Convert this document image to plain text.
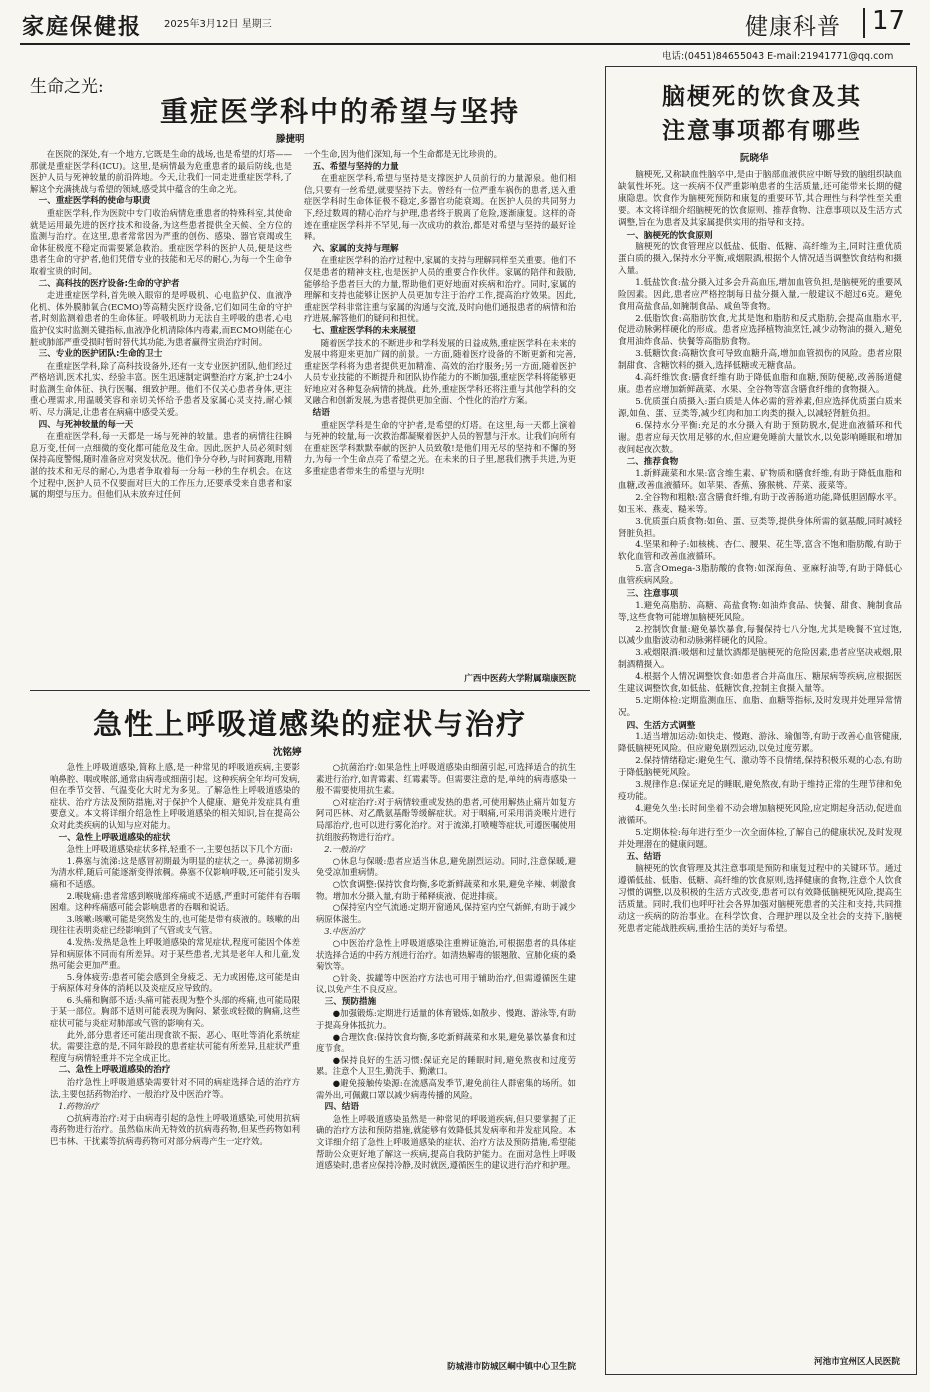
家庭保健报 2025年3月12日 星期三	健康科普 17
电话:(0451)84655043 E-mail:21941771@qq.com
生命之光:
重症医学科中的希望与坚持
滕捷明

在医院的深处,有一个地方,它既是生命的战场,也是希望的灯塔——那就是重症医学科(ICU)。这里,是病情最为危重患者的最后防线,也是医护人员与死神较量的前沿阵地。今天,让我们一同走进重症医学科,了解这个充满挑战与希望的领域,感受其中蕴含的生命之光。

一、重症医学科的使命与职责

重症医学科,作为医院中专门收治病情危重患者的特殊科室,其使命就是运用最先进的医疗技术和设备,为这些患者提供全天候、全方位的监测与治疗。在这里,患者常常因为严重的创伤、感染、器官衰竭或生命体征极度不稳定而需要紧急救治。重症医学科的医护人员,便是这些患者生命的守护者,他们凭借专业的技能和无尽的耐心,为每一个生命争取着宝贵的时间。

二、高科技的医疗设备:生命的守护者

走进重症医学科,首先映入眼帘的是呼吸机、心电监护仪、血液净化机、体外膜肺氧合(ECMO)等高精尖医疗设备,它们如同生命的守护者,时刻监测着患者的生命体征。呼吸机助力无法自主呼吸的患者,心电监护仪实时监测关键指标,血液净化机清除体内毒素,而ECMO则能在心脏或肺部严重受损时暂时替代其功能,为患者赢得宝贵治疗时间。

三、专业的医护团队:生命的卫士

在重症医学科,除了高科技设备外,还有一支专业医护团队,他们经过严格培训,医术扎实、经验丰富。医生迅速制定调整治疗方案,护士24小时监测生命体征、执行医嘱、细致护理。他们不仅关心患者身体,更注重心理需求,用温暖笑容和亲切关怀给予患者及家属心灵支持,耐心倾听、尽力满足,让患者在病痛中感受关爱。

四、与死神较量的每一天

在重症医学科,每一天都是一场与死神的较量。患者的病情往往瞬息万变,任何一点细微的变化都可能危及生命。因此,医护人员必须时刻保持高度警惕,随时准备应对突发状况。他们争分夺秒,与时间赛跑,用精湛的技术和无尽的耐心,为患者争取着每一分每一秒的生存机会。在这个过程中,医护人员不仅要面对巨大的工作压力,还要承受来自患者和家属的期望与压力。但他们从未放弃过任何

一个生命,因为他们深知,每一个生命都是无比珍贵的。

五、希望与坚持的力量

在重症医学科,希望与坚持是支撑医护人员前行的力量源泉。他们相信,只要有一丝希望,就要坚持下去。曾经有一位严重车祸伤的患者,送入重症医学科时生命体征极不稳定,多器官功能衰竭。在医护人员的共同努力下,经过数周的精心治疗与护理,患者终于脱离了危险,逐渐康复。这样的奇迹在重症医学科并不罕见,每一次成功的救治,都是对希望与坚持的最好诠释。

六、家属的支持与理解

在重症医学科的治疗过程中,家属的支持与理解同样至关重要。他们不仅是患者的精神支柱,也是医护人员的重要合作伙伴。家属的陪伴和鼓励,能够给予患者巨大的力量,帮助他们更好地面对疾病和治疗。同时,家属的理解和支持也能够让医护人员更加专注于治疗工作,提高治疗效果。因此,重症医学科非常注重与家属的沟通与交流,及时向他们通报患者的病情和治疗进展,解答他们的疑问和担忧。

七、重症医学科的未来展望

随着医学技术的不断进步和学科发展的日益成熟,重症医学科在未来的发展中将迎来更加广阔的前景。一方面,随着医疗设备的不断更新和完善,重症医学科将为患者提供更加精准、高效的治疗服务;另一方面,随着医护人员专业技能的不断提升和团队协作能力的不断加强,重症医学科将能够更好地应对各种复杂病情的挑战。此外,重症医学科还将注重与其他学科的交叉融合和创新发展,为患者提供更加全面、个性化的治疗方案。

结语

重症医学科是生命的守护者,是希望的灯塔。在这里,每一天都上演着与死神的较量,每一次救治都凝聚着医护人员的智慧与汗水。让我们向所有在重症医学科默默奉献的医护人员致敬!是他们用无尽的坚持和不懈的努力,为每一个生命点亮了希望之光。在未来的日子里,愿我们携手共进,为更多重症患者带来生的希望与光明!

广西中医药大学附属瑞康医院
急性上呼吸道感染的症状与治疗
沈铭婷

急性上呼吸道感染,简称上感,是一种常见的呼吸道疾病,主要影响鼻腔、咽或喉部,通常由病毒或细菌引起。这种疾病全年均可发病,但在季节交替、气温变化大时尤为多见。了解急性上呼吸道感染的症状、治疗方法及预防措施,对于保护个人健康、避免并发症具有重要意义。本文将详细介绍急性上呼吸道感染的相关知识,旨在提高公众对此类疾病的认知与应对能力。

一、急性上呼吸道感染的症状

急性上呼吸道感染症状多样,轻重不一,主要包括以下几个方面:

1.鼻塞与流涕:这是感冒初期最为明显的症状之一。鼻涕初期多为清水样,随后可能逐渐变得浓稠。鼻塞不仅影响呼吸,还可能引发头痛和不适感。

2.喉咙痛:患者常感到喉咙部疼痛或不适感,严重时可能伴有吞咽困难。这种疼痛感可能会影响患者的吞咽和说话。

3.咳嗽:咳嗽可能是突然发生的,也可能是带有痰液的。咳嗽的出现往往表明炎症已经影响到了气管或支气管。

4.发热:发热是急性上呼吸道感染的常见症状,程度可能因个体差异和病原体不同而有所差异。对于某些患者,尤其是老年人和儿童,发热可能会更加严重。

5.身体疲劳:患者可能会感到全身疲乏、无力或困倦,这可能是由于病原体对身体的消耗以及炎症反应导致的。

6.头痛和胸部不适:头痛可能表现为整个头部的疼痛,也可能局限于某一部位。胸部不适则可能表现为胸闷、紧张或轻微的胸痛,这些症状可能与炎症对肺部或气管的影响有关。

此外,部分患者还可能出现食欲不振、恶心、呕吐等消化系统症状。需要注意的是,不同年龄段的患者症状可能有所差异,且症状严重程度与病情轻重并不完全成正比。

二、急性上呼吸道感染的治疗

治疗急性上呼吸道感染需要针对不同的病症选择合适的治疗方法,主要包括药物治疗、一般治疗及中医治疗等。

1.药物治疗

○抗病毒治疗:对于由病毒引起的急性上呼吸道感染,可使用抗病毒药物进行治疗。虽然临床尚无特效的抗病毒药物,但某些药物如利巴韦林、干扰素等抗病毒药物可对部分病毒产生一定疗效。

○抗菌治疗:如果急性上呼吸道感染由细菌引起,可选择适合的抗生素进行治疗,如青霉素、红霉素等。但需要注意的是,单纯的病毒感染一般不需要使用抗生素。

○对症治疗:对于病情较重或发热的患者,可使用解热止痛片如复方阿司匹林、对乙酰氨基酚等缓解症状。对于咽痛,可采用消炎喉片进行局部治疗,也可以进行雾化治疗。对于流涕,打喷嚏等症状,可遵医嘱使用抗组胺药物进行治疗。

2.一般治疗

○休息与保暖:患者应适当休息,避免剧烈运动。同时,注意保暖,避免受凉加重病情。

○饮食调整:保持饮食均衡,多吃新鲜蔬菜和水果,避免辛辣、刺激食物。增加水分摄入量,有助于稀释痰液、促进排痰。

○保持室内空气流通:定期开窗通风,保持室内空气新鲜,有助于减少病原体滋生。

3.中医治疗

○中医治疗急性上呼吸道感染注重辨证施治,可根据患者的具体症状选择合适的中药方剂进行治疗。如清热解毒的银翘散、宣肺化痰的桑菊饮等。

○针灸、拔罐等中医治疗方法也可用于辅助治疗,但需遵循医生建议,以免产生不良反应。

三、预防措施

●加强锻炼:定期进行适量的体育锻炼,如散步、慢跑、游泳等,有助于提高身体抵抗力。

●合理饮食:保持饮食均衡,多吃新鲜蔬菜和水果,避免暴饮暴食和过度节食。

●保持良好的生活习惯:保证充足的睡眠时间,避免熬夜和过度劳累。注意个人卫生,勤洗手、勤漱口。

●避免接触传染源:在流感高发季节,避免前往人群密集的场所。如需外出,可佩戴口罩以减少病毒传播的风险。

四、结语

急性上呼吸道感染虽然是一种常见的呼吸道疾病,但只要掌握了正确的治疗方法和预防措施,就能够有效降低其发病率和并发症风险。本文详细介绍了急性上呼吸道感染的症状、治疗方法及预防措施,希望能帮助公众更好地了解这一疾病,提高自我防护能力。在面对急性上呼吸道感染时,患者应保持冷静,及时就医,遵循医生的建议进行治疗和护理。

防城港市防城区峒中镇中心卫生院
脑梗死的饮食及其
注意事项都有哪些
阮晓华

脑梗死,又称缺血性脑卒中,是由于脑部血液供应中断导致的脑组织缺血缺氧性坏死。这一疾病不仅严重影响患者的生活质量,还可能带来长期的健康隐患。饮食作为脑梗死预防和康复的重要环节,其合理性与科学性至关重要。本文将详细介绍脑梗死的饮食原则、推荐食物、注意事项以及生活方式调整,旨在为患者及其家属提供实用的指导和支持。

一、脑梗死的饮食原则

脑梗死的饮食管理应以低盐、低脂、低糖、高纤维为主,同时注重优质蛋白质的摄入,保持水分平衡,戒烟限酒,根据个人情况适当调整饮食结构和摄入量。

1.低盐饮食:盐分摄入过多会升高血压,增加血管负担,是脑梗死的重要风险因素。因此,患者应严格控制每日盐分摄入量,一般建议不超过6克。避免食用高盐食品,如腌制食品、咸鱼等食物。

2.低脂饮食:高脂肪饮食,尤其是饱和脂肪和反式脂肪,会提高血脂水平,促进动脉粥样硬化的形成。患者应选择植物油烹饪,减少动物油的摄入,避免食用油炸食品、快餐等高脂肪食物。

3.低糖饮食:高糖饮食可导致血糖升高,增加血管损伤的风险。患者应限制甜食、含糖饮料的摄入,选择低糖或无糖食品。

4.高纤维饮食:膳食纤维有助于降低血脂和血糖,预防便秘,改善肠道健康。患者应增加新鲜蔬菜、水果、全谷物等富含膳食纤维的食物摄入。

5.优质蛋白质摄入:蛋白质是人体必需的营养素,但应选择优质蛋白质来源,如鱼、蛋、豆类等,减少红肉和加工肉类的摄入,以减轻肾脏负担。

6.保持水分平衡:充足的水分摄入有助于预防脱水,促进血液循环和代谢。患者应每天饮用足够的水,但应避免睡前大量饮水,以免影响睡眠和增加夜间起夜次数。

二、推荐食物

1.新鲜蔬菜和水果:富含维生素、矿物质和膳食纤维,有助于降低血脂和血糖,改善血液循环。如苹果、香蕉、猕猴桃、芹菜、菠菜等。

2.全谷物和粗粮:富含膳食纤维,有助于改善肠道功能,降低胆固醇水平。如玉米、燕麦、糙米等。

3.优质蛋白质食物:如鱼、蛋、豆类等,提供身体所需的氨基酸,同时减轻肾脏负担。

4.坚果和种子:如核桃、杏仁、腰果、花生等,富含不饱和脂肪酸,有助于软化血管和改善血液循环。

5.富含Omega-3脂肪酸的食物:如深海鱼、亚麻籽油等,有助于降低心血管疾病风险。

三、注意事项

1.避免高脂肪、高糖、高盐食物:如油炸食品、快餐、甜食、腌制食品等,这些食物可能增加脑梗死风险。

2.控制饮食量:避免暴饮暴食,每餐保持七八分饱,尤其是晚餐不宜过饱,以减少血脂波动和动脉粥样硬化的风险。

3.戒烟限酒:吸烟和过量饮酒都是脑梗死的危险因素,患者应坚决戒烟,限制酒精摄入。

4.根据个人情况调整饮食:如患者合并高血压、糖尿病等疾病,应根据医生建议调整饮食,如低盐、低糖饮食,控制主食摄入量等。

5.定期体检:定期监测血压、血脂、血糖等指标,及时发现并处理异常情况。

四、生活方式调整

1.适当增加运动:如快走、慢跑、游泳、瑜伽等,有助于改善心血管健康,降低脑梗死风险。但应避免剧烈运动,以免过度劳累。

2.保持情绪稳定:避免生气、激动等不良情绪,保持积极乐观的心态,有助于降低脑梗死风险。

3.规律作息:保证充足的睡眠,避免熬夜,有助于维持正常的生理节律和免疫功能。

4.避免久坐:长时间坐着不动会增加脑梗死风险,应定期起身活动,促进血液循环。

5.定期体检:每年进行至少一次全面体检,了解自己的健康状况,及时发现并处理潜在的健康问题。

五、结语

脑梗死的饮食管理及其注意事项是预防和康复过程中的关键环节。通过遵循低盐、低脂、低糖、高纤维的饮食原则,选择健康的食物,注意个人饮食习惯的调整,以及积极的生活方式改变,患者可以有效降低脑梗死风险,提高生活质量。同时,我们也呼吁社会各界加强对脑梗死患者的关注和支持,共同推动这一疾病的防治事业。在科学饮食、合理护理以及全社会的支持下,脑梗死患者定能战胜疾病,重拾生活的美好与希望。

河池市宜州区人民医院
